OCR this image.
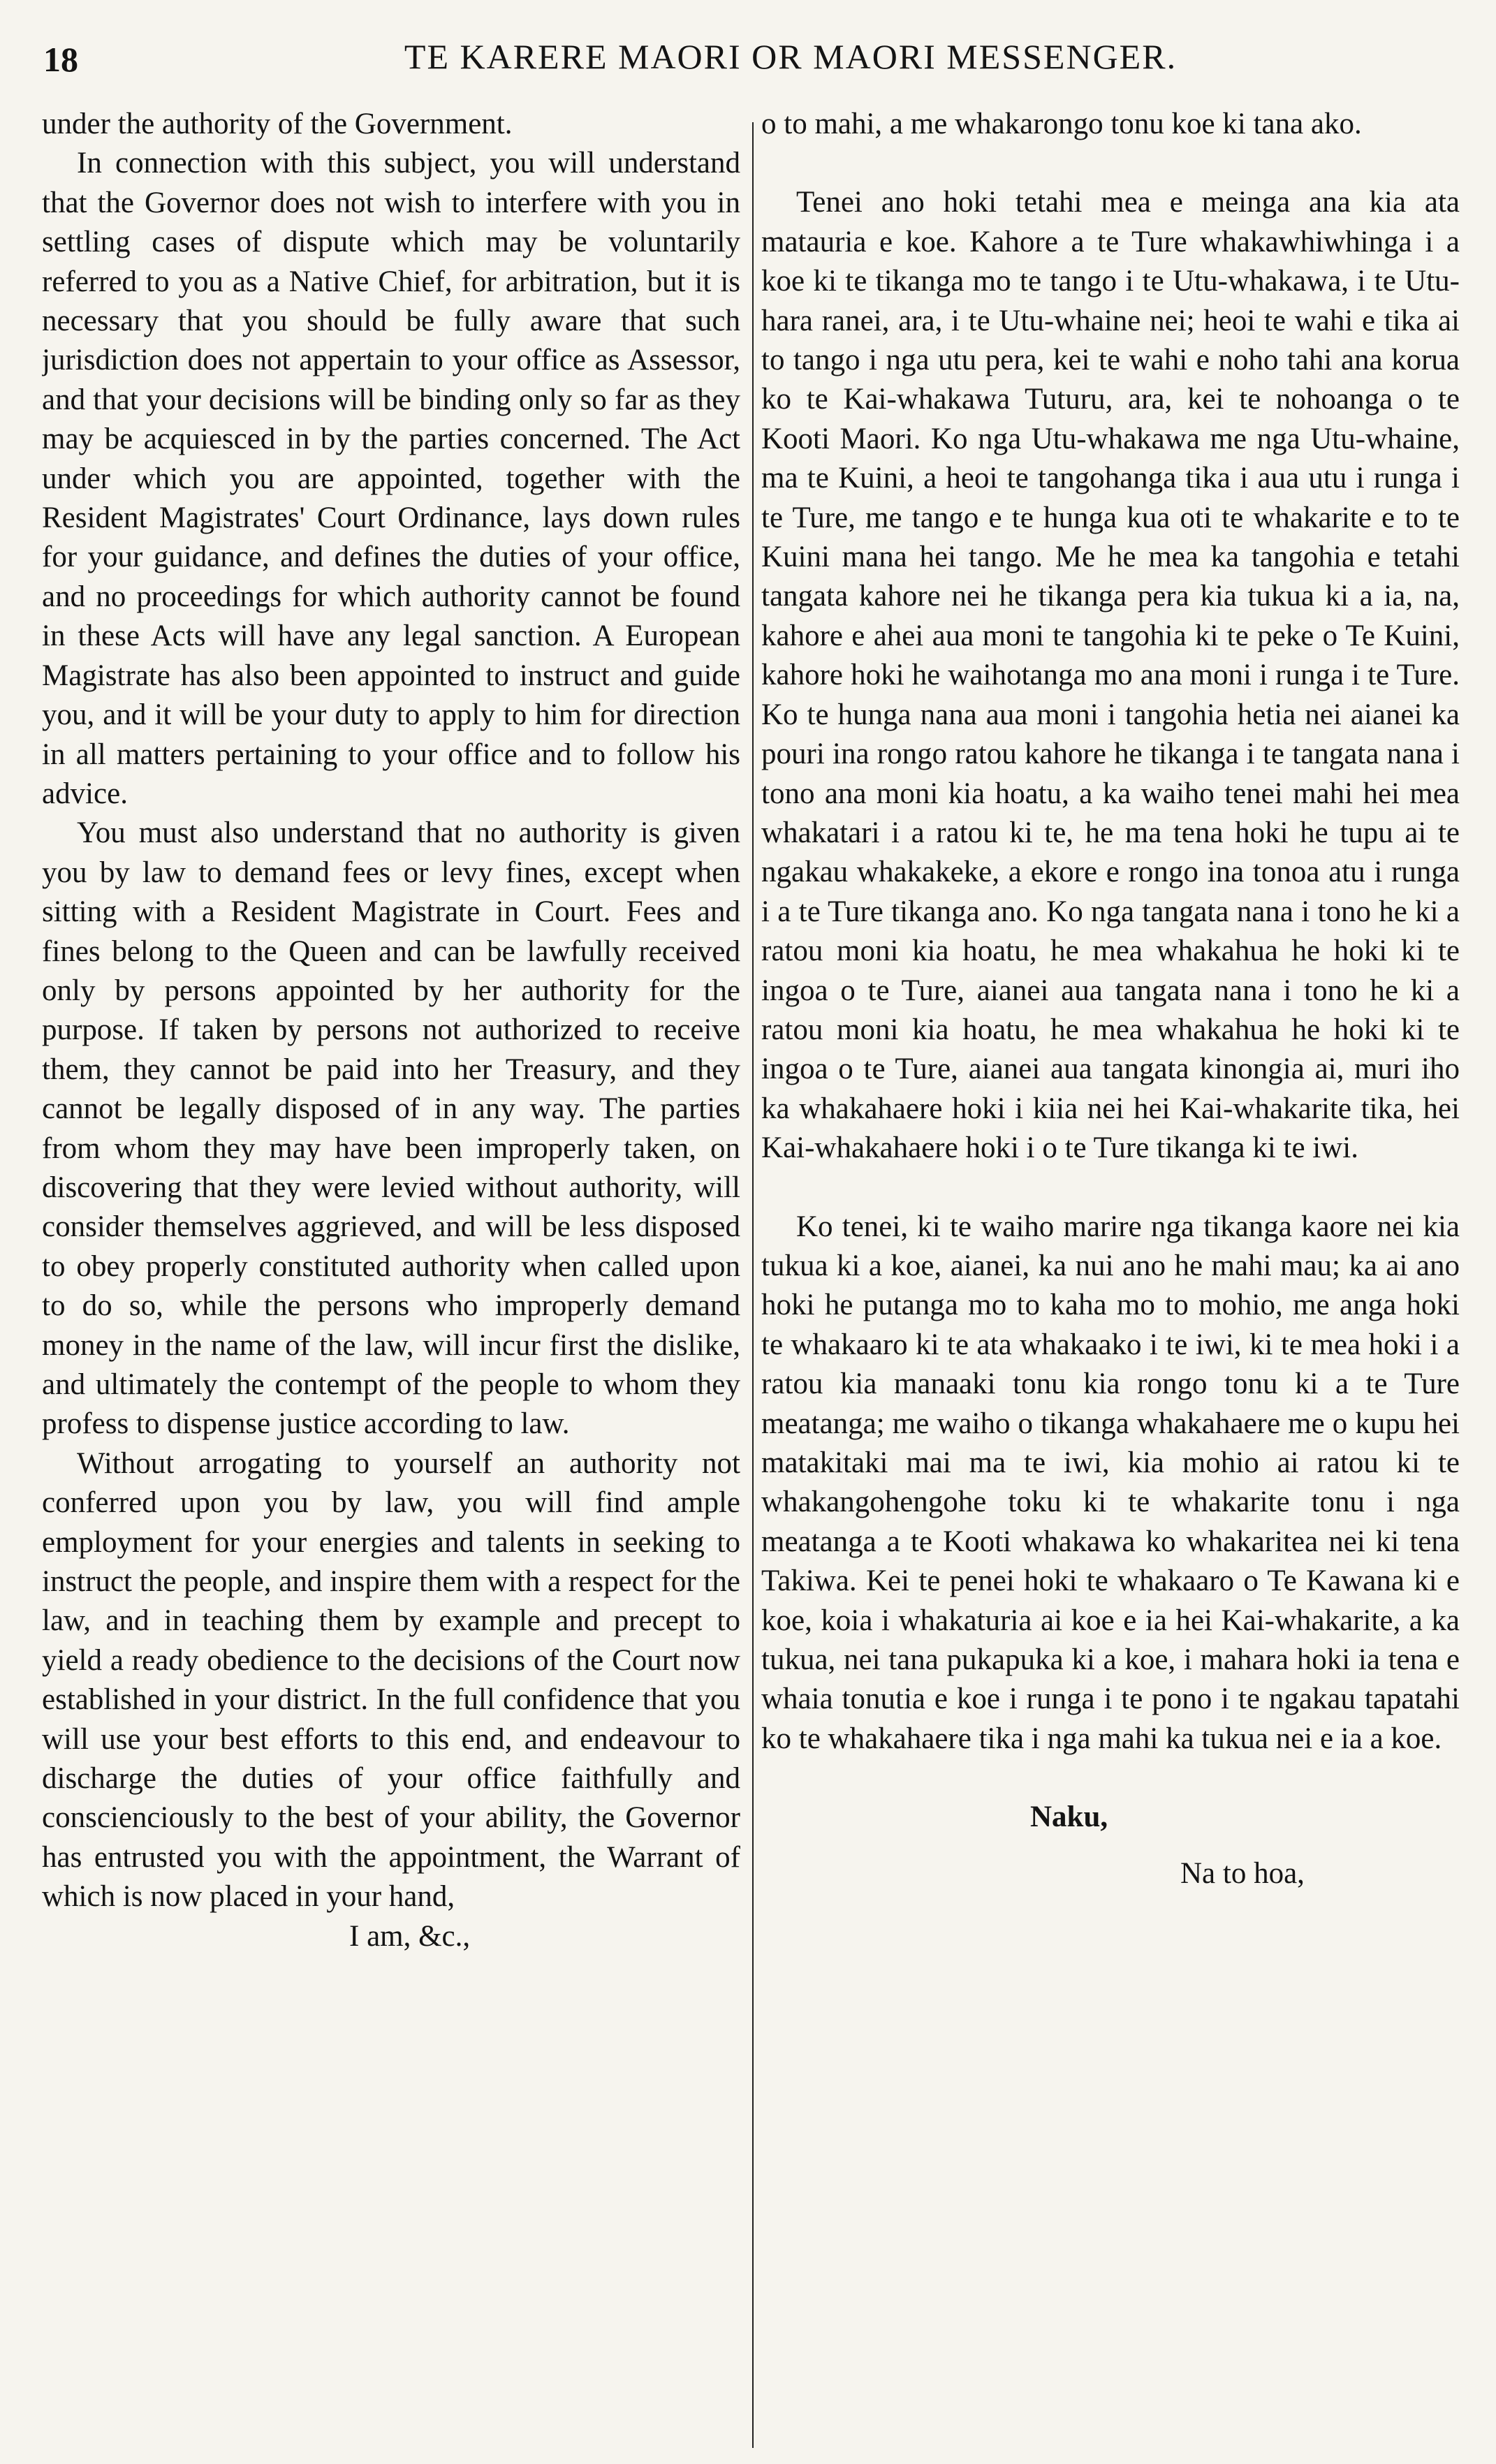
18	TE KARERE MAORI OR MAORI MESSENGER.

under the authority of the Government.

In connection with this subject, you will understand that the Governor does not wish to interfere with you in settling cases of dispute which may be voluntarily referred to you as a Native Chief, for arbitration, but it is necessary that you should be fully aware that such jurisdiction does not appertain to your office as Assessor, and that your decisions will be binding only so far as they may be acquiesced in by the parties concerned. The Act under which you are appointed, together with the Resident Magistrates' Court Ordinance, lays down rules for your guidance, and defines the duties of your office, and no proceedings for which authority cannot be found in these Acts will have any legal sanction. A European Magistrate has also been appointed to instruct and guide you, and it will be your duty to apply to him for direction in all matters pertaining to your office and to follow his advice.

You must also understand that no authority is given you by law to demand fees or levy fines, except when sitting with a Resident Magistrate in Court. Fees and fines belong to the Queen and can be lawfully received only by persons appointed by her authority for the purpose. If taken by persons not authorized to receive them, they cannot be paid into her Treasury, and they cannot be legally disposed of in any way. The parties from whom they may have been improperly taken, on discovering that they were levied without authority, will consider themselves aggrieved, and will be less disposed to obey properly constituted authority when called upon to do so, while the persons who improperly demand money in the name of the law, will incur first the dislike, and ultimately the contempt of the people to whom they profess to dispense justice according to law.

Without arrogating to yourself an authority not conferred upon you by law, you will find ample employment for your energies and talents in seeking to instruct the people, and inspire them with a respect for the law, and in teaching them by example and precept to yield a ready obedience to the decisions of the Court now established in your district. In the full confidence that you will use your best efforts to this end, and endeavour to discharge the duties of your office faithfully and conscienciously to the best of your ability, the Governor has entrusted you with the appointment, the Warrant of which is now placed in your hand,

I am, &c.,

o to mahi, a me whakarongo tonu koe ki tana ako.

Tenei ano hoki tetahi mea e meinga ana kia ata matauria e koe. Kahore a te Ture whakawhiwhinga i a koe ki te tikanga mo te tango i te Utu-whakawa, i te Utu-hara ranei, ara, i te Utu-whaine nei; heoi te wahi e tika ai to tango i nga utu pera, kei te wahi e noho tahi ana korua ko te Kai-whakawa Tuturu, ara, kei te nohoanga o te Kooti Maori. Ko nga Utu-whakawa me nga Utu-whaine, ma te Kuini, a heoi te tangohanga tika i aua utu i runga i te Ture, me tango e te hunga kua oti te whakarite e to te Kuini mana hei tango. Me he mea ka tangohia e tetahi tangata kahore nei he tikanga pera kia tukua ki a ia, na, kahore e ahei aua moni te tangohia ki te peke o Te Kuini, kahore hoki he waihotanga mo ana moni i runga i te Ture. Ko te hunga nana aua moni i tangohia hetia nei aianei ka pouri ina rongo ratou kahore he tikanga i te tangata nana i tono ana moni kia hoatu, a ka waiho tenei mahi hei mea whakatari i a ratou ki te, he ma tena hoki he tupu ai te ngakau whakakeke, a ekore e rongo ina tonoa atu i runga i a te Ture tikanga ano. Ko nga tangata nana i tono he ki a ratou moni kia hoatu, he mea whakahua he hoki ki te ingoa o te Ture, aianei aua tangata nana i tono he ki a ratou moni kia hoatu, he mea whakahua he hoki ki te ingoa o te Ture, aianei aua tangata kinongia ai, muri iho ka whakahaere hoki i kiia nei hei Kai-whakarite tika, hei Kai-whakahaere hoki i o te Ture tikanga ki te iwi.

Ko tenei, ki te waiho marire nga tikanga kaore nei kia tukua ki a koe, aianei, ka nui ano he mahi mau; ka ai ano hoki he putanga mo to kaha mo to mohio, me anga hoki te whakaaro ki te ata whakaako i te iwi, ki te mea hoki i a ratou kia manaaki tonu kia rongo tonu ki a te Ture meatanga; me waiho o tikanga whakahaere me o kupu hei matakitaki mai ma te iwi, kia mohio ai ratou ki te whakangohengohe toku ki te whakarite tonu i nga meatanga a te Kooti whakawa ko whakaritea nei ki tena Takiwa. Kei te penei hoki te whakaaro o Te Kawana ki e koe, koia i whakaturia ai koe e ia hei Kai-whakarite, a ka tukua, nei tana pukapuka ki a koe, i mahara hoki ia tena e whaia tonutia e koe i runga i te pono i te ngakau tapatahi ko te whakahaere tika i nga mahi ka tukua nei e ia a koe.

Naku,

Na to hoa,
